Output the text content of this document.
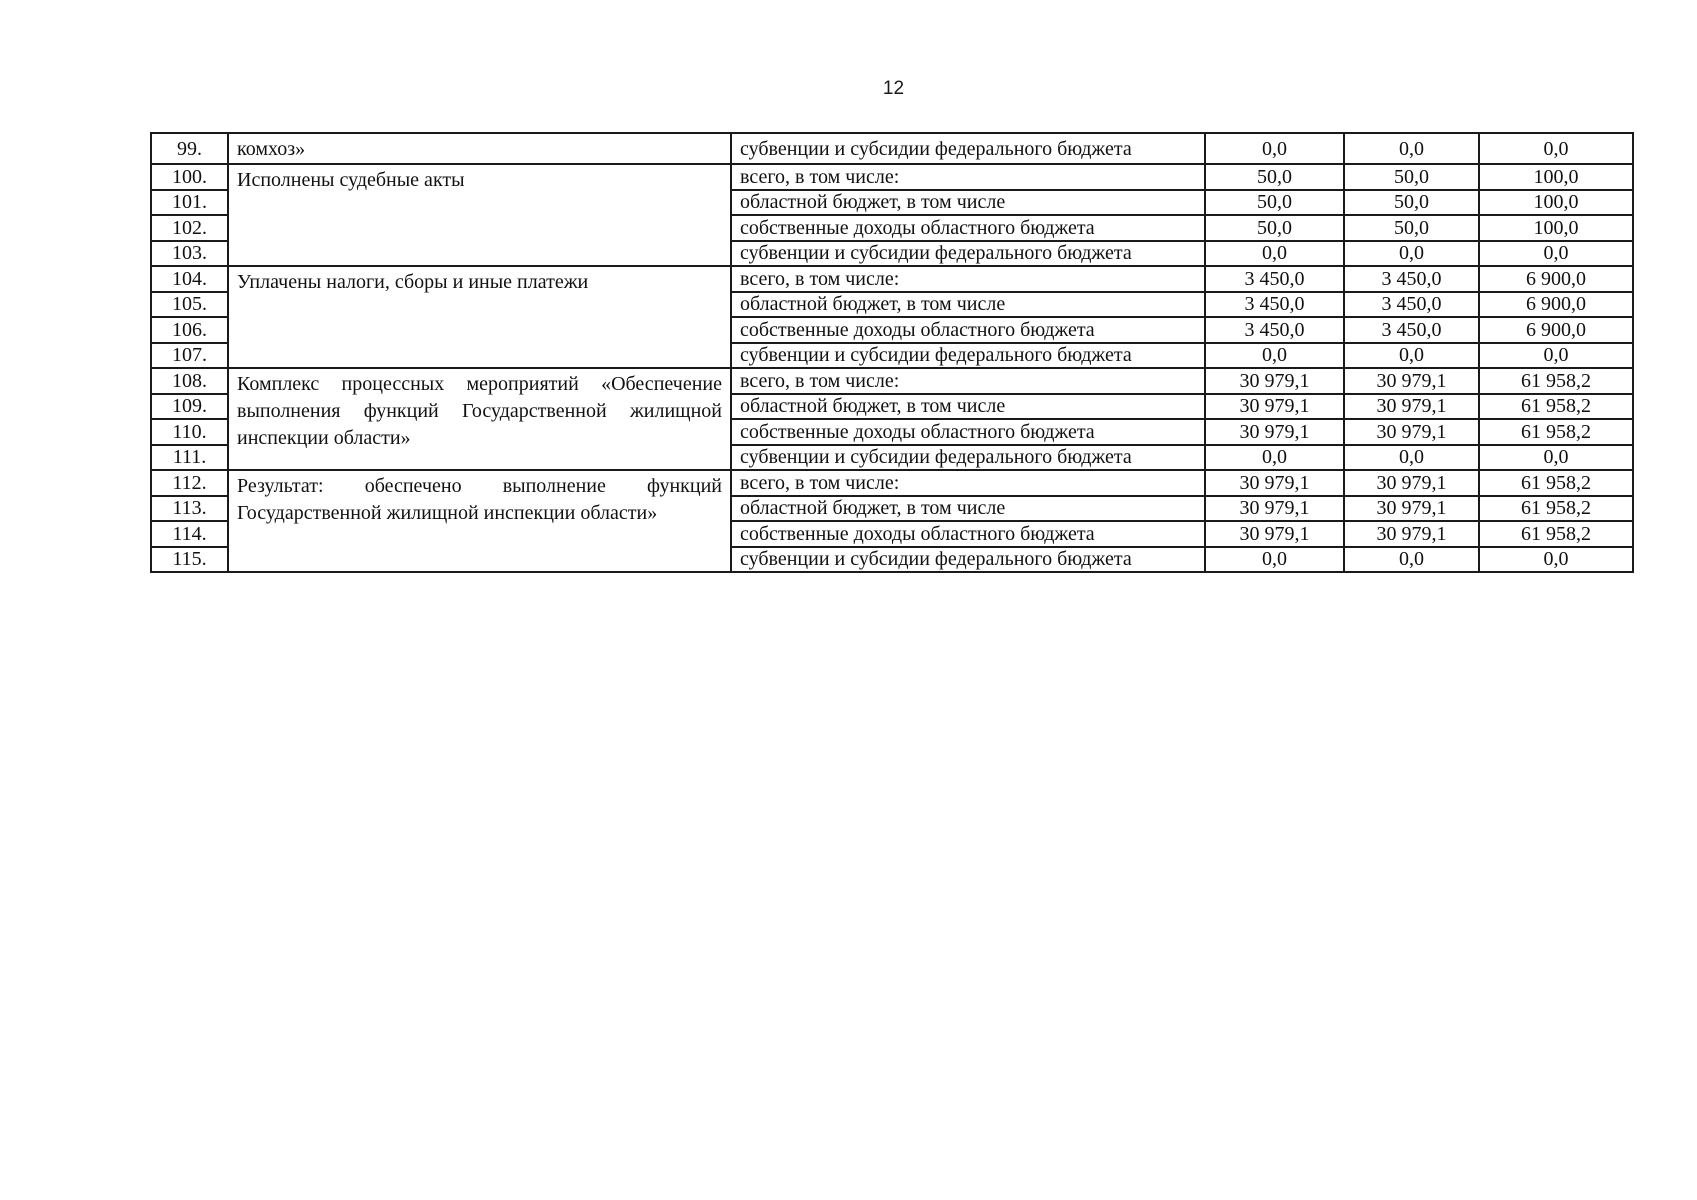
12
99.	комхоз»	субвенции и субсидии федерального бюджета	0,0	0,0	0,0
100.	Исполнены судебные акты	всего, в том числе:	50,0	50,0	100,0
101.		областной бюджет, в том числе	50,0	50,0	100,0
102.		собственные доходы областного бюджета	50,0	50,0	100,0
103.		субвенции и субсидии федерального бюджета	0,0	0,0	0,0
104.	Уплачены налоги, сборы и иные платежи	всего, в том числе:	3 450,0	3 450,0	6 900,0
105.		областной бюджет, в том числе	3 450,0	3 450,0	6 900,0
106.		собственные доходы областного бюджета	3 450,0	3 450,0	6 900,0
107.		субвенции и субсидии федерального бюджета	0,0	0,0	0,0
108.	Комплекс процессных мероприятий «Обеспечение выполнения функций Государственной жилищной инспекции области»	всего, в том числе:	30 979,1	30 979,1	61 958,2
109.		областной бюджет, в том числе	30 979,1	30 979,1	61 958,2
110.		собственные доходы областного бюджета	30 979,1	30 979,1	61 958,2
111.		субвенции и субсидии федерального бюджета	0,0	0,0	0,0
112.	Результат: обеспечено выполнение функций Государственной жилищной инспекции области»	всего, в том числе:	30 979,1	30 979,1	61 958,2
113.		областной бюджет, в том числе	30 979,1	30 979,1	61 958,2
114.		собственные доходы областного бюджета	30 979,1	30 979,1	61 958,2
115.		субвенции и субсидии федерального бюджета	0,0	0,0	0,0
